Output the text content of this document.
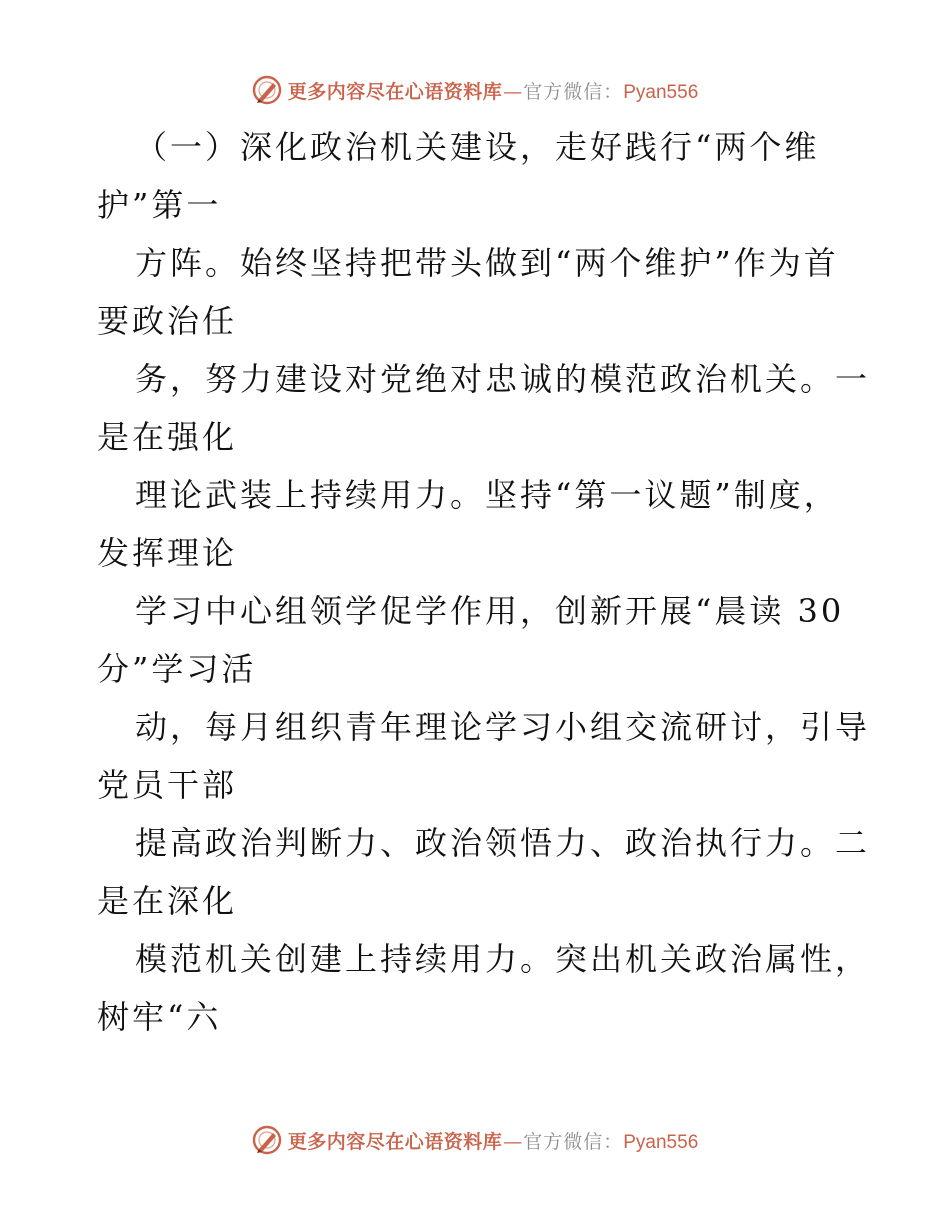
更多内容尽在心语资料库 — 官方微信： Pyan556
（一）深化政治机关建设，走好践行“两个维
护”第一
方阵。始终坚持把带头做到“两个维护”作为首
要政治任
务，努力建设对党绝对忠诚的模范政治机关。一
是在强化
理论武装上持续用力。坚持“第一议题”制度，
发挥理论
学习中心组领学促学作用，创新开展“晨读 30
分”学习活
动，每月组织青年理论学习小组交流研讨，引导
党员干部
提高政治判断力、政治领悟力、政治执行力。二
是在深化
模范机关创建上持续用力。突出机关政治属性，
树牢“六
更多内容尽在心语资料库 — 官方微信： Pyan556
